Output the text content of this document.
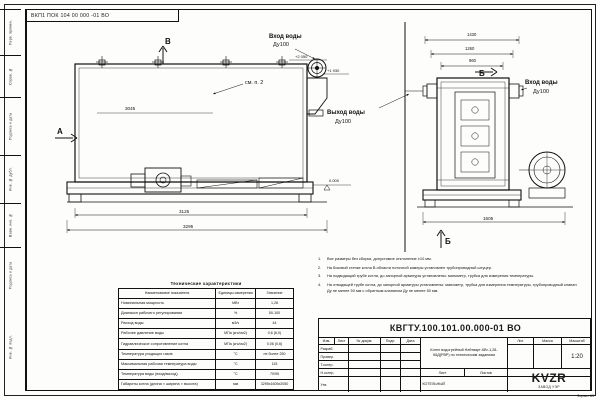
Перв. примен.
Справ. №
Подпись и дата
Инв. № дубл.
Взам. инв. №
Подпись и дата
Инв. № подл.
ВКП1 ПОК 104 00 000 -01 ВО
см. п. 2
3045
А
В	Вход воды
Ду100
+2 050
+1 930
0.000
3125
3295
1430
1260
960
1605
Выход воды
Ду100
Вход воды
Ду100
Б
Б
Технические характеристики
Наименование показателя	Единицы измерения	Значение
Номинальная мощность	МВт	1,28
Диапазон рабочего регулирования	%	50-100
Расход воды	м3/ч	44
Рабочее давление воды	МПа (кгс/см2)	0,6 (6,0)
Гидравлическое сопротивление котла	МПа (кгс/см2)	0,06 (0,6)
Температура уходящих газов	°С	не более 250
Максимальная рабочая температура воды	°С	115
Температура воды (вход/выход)	°С	70/95
Габариты котла (длина × ширина × высота)	мм	3295х1605х2050
1.	Все размеры без сборки, допустимое отклонение ±10 мм.
2.	На боковой стенке котла В области поточной камеры установлен трубопроводный штуцер.
3.	На подводящий трубе котла, до запорной арматуры установлены: манометр, трубка для измерения температуры.
4.	На отводящей трубе котла, до запорной арматуры установлены: манометр, трубка для измерения температуры, трубопроводный клапан Ду не менее 50 мм с обратным клапаном Ду не менее 50 мм.
КВГТУ.100.101.00.000-01 ВО
Изм.	Лист	№ докум.	Подп.	Дата
Разраб.
Провер.
Т.контр.
Н.контр.
Утв.
Котел водогрейный Нейтварт-КВг-1,28-К6Д(РВР) по техническим заданиям
Лит.	Масса	Масштаб
1:20
Лист	Листов
КОТЕЛЬНЫЙ	KVZR
ЗАВОД УЭР
Формат А3
